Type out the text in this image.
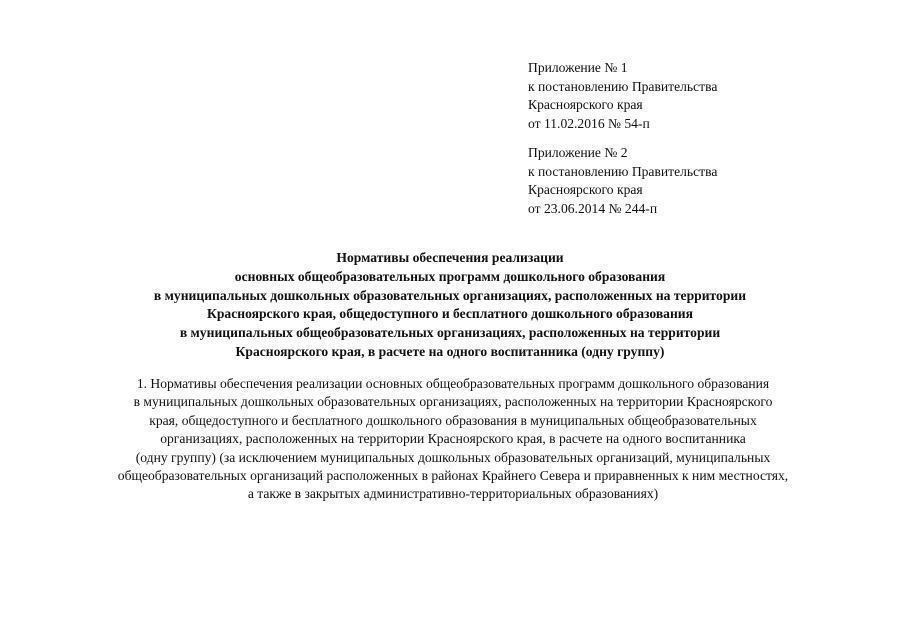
Приложение № 1
к постановлению Правительства
Красноярского края
от 11.02.2016 № 54-п
Приложение № 2
к постановлению Правительства
Красноярского края
от 23.06.2014 № 244-п
Нормативы обеспечения реализации
основных общеобразовательных программ дошкольного образования
в муниципальных дошкольных образовательных организациях, расположенных на территории
Красноярского края, общедоступного и бесплатного дошкольного образования
в муниципальных общеобразовательных организациях, расположенных на территории
Красноярского края, в расчете на одного воспитанника (одну группу)
1. Нормативы обеспечения реализации основных общеобразовательных программ дошкольного образования
в муниципальных дошкольных образовательных организациях, расположенных на территории Красноярского
края, общедоступного и бесплатного дошкольного образования в муниципальных общеобразовательных
организациях, расположенных на территории Красноярского края, в расчете на одного воспитанника
(одну группу) (за исключением муниципальных дошкольных образовательных организаций, муниципальных
общеобразовательных организаций расположенных в районах Крайнего Севера и приравненных к ним местностях,
а также в закрытых административно-территориальных образованиях)
